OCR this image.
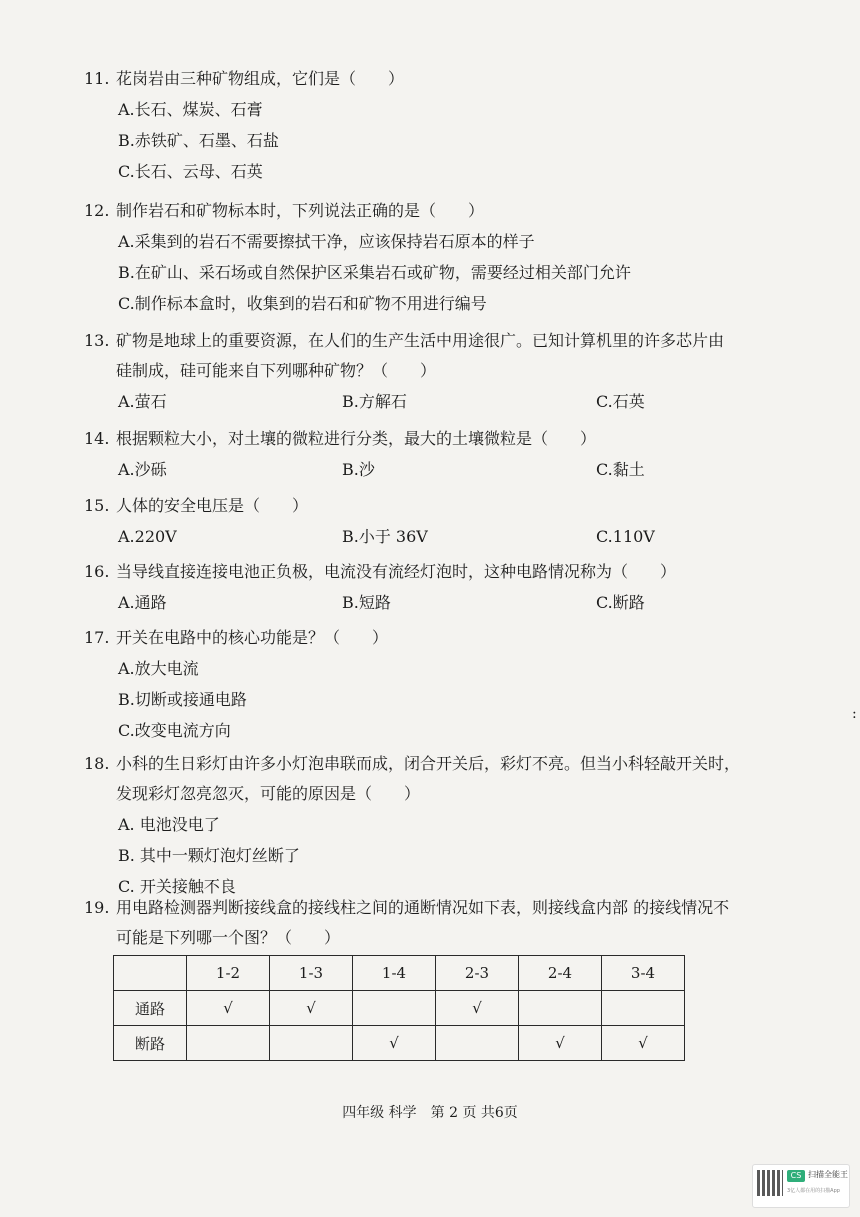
11. 花岗岩由三种矿物组成，它们是（　　）
A.长石、煤炭、石膏
B.赤铁矿、石墨、石盐
C.长石、云母、石英
12. 制作岩石和矿物标本时，下列说法正确的是（　　）
A.采集到的岩石不需要擦拭干净，应该保持岩石原本的样子
B.在矿山、采石场或自然保护区采集岩石或矿物，需要经过相关部门允许
C.制作标本盒时，收集到的岩石和矿物不用进行编号
13. 矿物是地球上的重要资源，在人们的生产生活中用途很广。已知计算机里的许多芯片由
硅制成，硅可能来自下列哪种矿物？（　　）
A.萤石	B.方解石	C.石英
14. 根据颗粒大小，对土壤的微粒进行分类，最大的土壤微粒是（　　）
A.沙砾	B.沙	C.黏土
15. 人体的安全电压是（　　）
A.220V	B.小于 36V	C.110V
16. 当导线直接连接电池正负极，电流没有流经灯泡时，这种电路情况称为（　　）
A.通路	B.短路	C.断路
17. 开关在电路中的核心功能是？（　　）
A.放大电流
B.切断或接通电路
C.改变电流方向
18. 小科的生日彩灯由许多小灯泡串联而成，闭合开关后，彩灯不亮。但当小科轻敲开关时，
发现彩灯忽亮忽灭，可能的原因是（　　）
A. 电池没电了
B. 其中一颗灯泡灯丝断了
C. 开关接触不良
19. 用电路检测器判断接线盒的接线柱之间的通断情况如下表，则接线盒内部 的接线情况不
可能是下列哪一个图？（　　）
	1-2	1-3	1-4	2-3	2-4	3-4
通路	√	√		√		
断路			√		√	√
四年级 科学　第 2 页 共6页
:
CS 扫描全能王
3亿人都在用的扫描App
